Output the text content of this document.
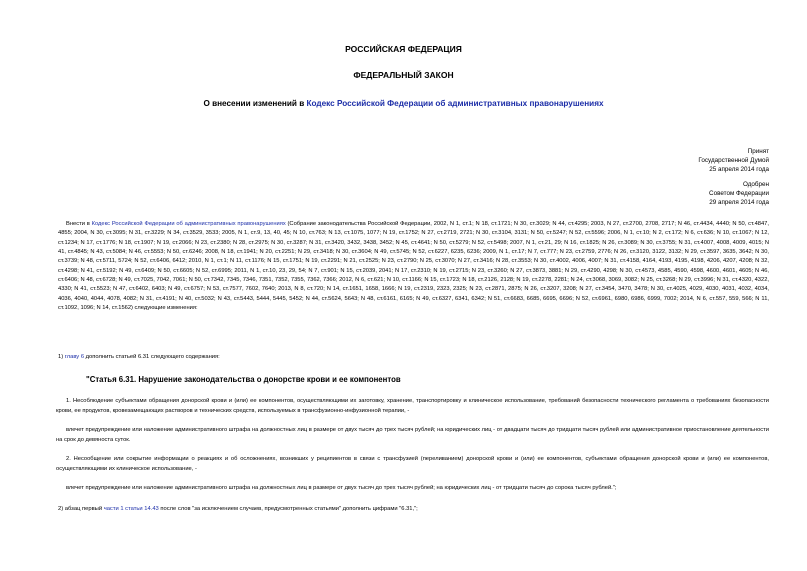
РОССИЙСКАЯ ФЕДЕРАЦИЯ
ФЕДЕРАЛЬНЫЙ ЗАКОН
О внесении изменений в Кодекс Российской Федерации об административных правонарушениях
Принят
Государственной Думой
25 апреля 2014 года
Одобрен
Советом Федерации
29 апреля 2014 года
Внести в Кодекс Российской Федерации об административных правонарушениях (Собрание законодательства Российской Федерации, 2002, N 1, ст.1; N 18, ст.1721; N 30, ст.3029; N 44, ст.4295; 2003, N 27, ст.2700, 2708, 2717; N 46, ст.4434, 4440; N 50, ст.4847, 4855; 2004, N 30, ст.3095; N 31, ст.3229; N 34, ст.3529, 3533; 2005, N 1, ст.9, 13, 40, 45; N 10, ст.763; N 13, ст.1075, 1077; N 19, ст.1752; N 27, ст.2719, 2721; N 30, ст.3104, 3131; N 50, ст.5247; N 52, ст.5596; 2006, N 1, ст.10; N 2, ст.172; N 6, ст.636; N 10, ст.1067; N 12, ст.1234; N 17, ст.1776; N 18, ст.1907; N 19, ст.2066; N 23, ст.2380; N 28, ст.2975; N 30, ст.3287; N 31, ст.3420, 3432, 3438, 3452; N 45, ст.4641; N 50, ст.5279; N 52, ст.5498; 2007, N 1, ст.21, 29; N 16, ст.1825; N 26, ст.3089; N 30, ст.3755; N 31, ст.4007, 4008, 4009, 4015; N 41, ст.4845; N 43, ст.5084; N 46, ст.5553; N 50, ст.6246; 2008, N 18, ст.1941; N 20, ст.2251; N 29, ст.3418; N 30, ст.3604; N 49, ст.5745; N 52, ст.6227, 6235, 6236; 2009, N 1, ст.17; N 7, ст.777; N 23, ст.2759, 2776; N 26, ст.3120, 3122, 3132; N 29, ст.3597, 3635, 3642; N 30, ст.3739; N 48, ст.5711, 5724; N 52, ст.6406, 6412; 2010, N 1, ст.1; N 11, ст.1176; N 15, ст.1751; N 19, ст.2291; N 21, ст.2525; N 23, ст.2790; N 25, ст.3070; N 27, ст.3416; N 28, ст.3553; N 30, ст.4002, 4006, 4007; N 31, ст.4158, 4164, 4193, 4195, 4198, 4206, 4207, 4208; N 32, ст.4298; N 41, ст.5192; N 49, ст.6409; N 50, ст.6605; N 52, ст.6995; 2011, N 1, ст.10, 23, 29, 54; N 7, ст.901; N 15, ст.2039, 2041; N 17, ст.2310; N 19, ст.2715; N 23, ст.3260; N 27, ст.3873, 3881; N 29, ст.4290, 4298; N 30, ст.4573, 4585, 4590, 4598, 4600, 4601, 4605; N 46, ст.6406; N 48, ст.6728; N 49, ст.7025, 7042, 7061; N 50, ст.7342, 7345, 7346, 7351, 7352, 7355, 7362, 7366; 2012, N 6, ст.621; N 10, ст.1166; N 15, ст.1723; N 18, ст.2126, 2128; N 19, ст.2278, 2281; N 24, ст.3068, 3069, 3082; N 25, ст.3268; N 29, ст.3996; N 31, ст.4320, 4322, 4330; N 41, ст.5523; N 47, ст.6402, 6403; N 49, ст.6757; N 53, ст.7577, 7602, 7640; 2013, N 8, ст.720; N 14, ст.1651, 1658, 1666; N 19, ст.2319, 2323, 2325; N 23, ст.2871, 2875; N 26, ст.3207, 3208; N 27, ст.3454, 3470, 3478; N 30, ст.4025, 4029, 4030, 4031, 4032, 4034, 4036, 4040, 4044, 4078, 4082; N 31, ст.4191; N 40, ст.5032; N 43, ст.5443, 5444, 5445, 5452; N 44, ст.5624, 5643; N 48, ст.6161, 6165; N 49, ст.6327, 6341, 6342; N 51, ст.6683, 6685, 6695, 6696; N 52, ст.6961, 6980, 6986, 6999, 7002; 2014, N 6, ст.557, 559, 566; N 11, ст.1092, 1096; N 14, ст.1562) следующие изменения:
1) главу 6 дополнить статьей 6.31 следующего содержания:
"Статья 6.31. Нарушение законодательства о донорстве крови и ее компонентов
1. Несоблюдение субъектами обращения донорской крови и (или) ее компонентов, осуществляющими их заготовку, хранение, транспортировку и клиническое использование, требований безопасности технического регламента о требованиях безопасности крови, ее продуктов, кровезамещающих растворов и технических средств, используемых в трансфузионно-инфузионной терапии, -
влечет предупреждение или наложение административного штрафа на должностных лиц в размере от двух тысяч до трех тысяч рублей; на юридических лиц - от двадцати тысяч до тридцати тысяч рублей или административное приостановление деятельности на срок до девяноста суток.
2. Несообщение или сокрытие информации о реакциях и об осложнениях, возникших у реципиентов в связи с трансфузией (переливанием) донорской крови и (или) ее компонентов, субъектами обращения донорской крови и (или) ее компонентов, осуществляющими их клиническое использование, -
влечет предупреждение или наложение административного штрафа на должностных лиц в размере от двух тысяч до трех тысяч рублей; на юридических лиц - от тридцати тысяч до сорока тысяч рублей.";
2) абзац первый части 1 статьи 14.43 после слов "за исключением случаев, предусмотренных статьями" дополнить цифрами "6.31,";
